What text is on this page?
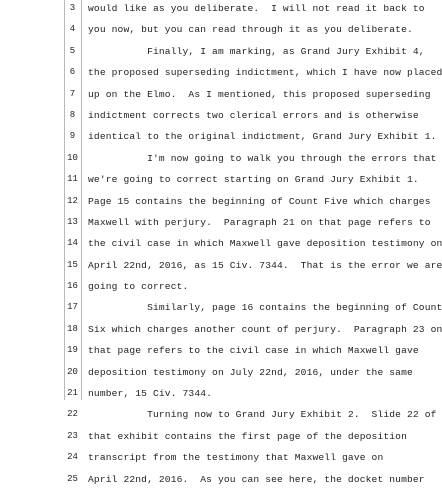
3	would like as you deliberate.  I will not read it back to
4	you now, but you can read through it as you deliberate.
5	Finally, I am marking, as Grand Jury Exhibit 4,
6	the proposed superseding indictment, which I have now placed
7	up on the Elmo.  As I mentioned, this proposed superseding
8	indictment corrects two clerical errors and is otherwise
9	identical to the original indictment, Grand Jury Exhibit 1.
10	I'm now going to walk you through the errors that
11	we're going to correct starting on Grand Jury Exhibit 1.
12	Page 15 contains the beginning of Count Five which charges
13	Maxwell with perjury.  Paragraph 21 on that page refers to
14	the civil case in which Maxwell gave deposition testimony on
15	April 22nd, 2016, as 15 Civ. 7344.  That is the error we are
16	going to correct.
17	Similarly, page 16 contains the beginning of Count
18	Six which charges another count of perjury.  Paragraph 23 on
19	that page refers to the civil case in which Maxwell gave
20	deposition testimony on July 22nd, 2016, under the same
21	number, 15 Civ. 7344.
22	Turning now to Grand Jury Exhibit 2.  Slide 22 of
23	that exhibit contains the first page of the deposition
24	transcript from the testimony that Maxwell gave on
25	April 22nd, 2016.  As you can see here, the docket number
